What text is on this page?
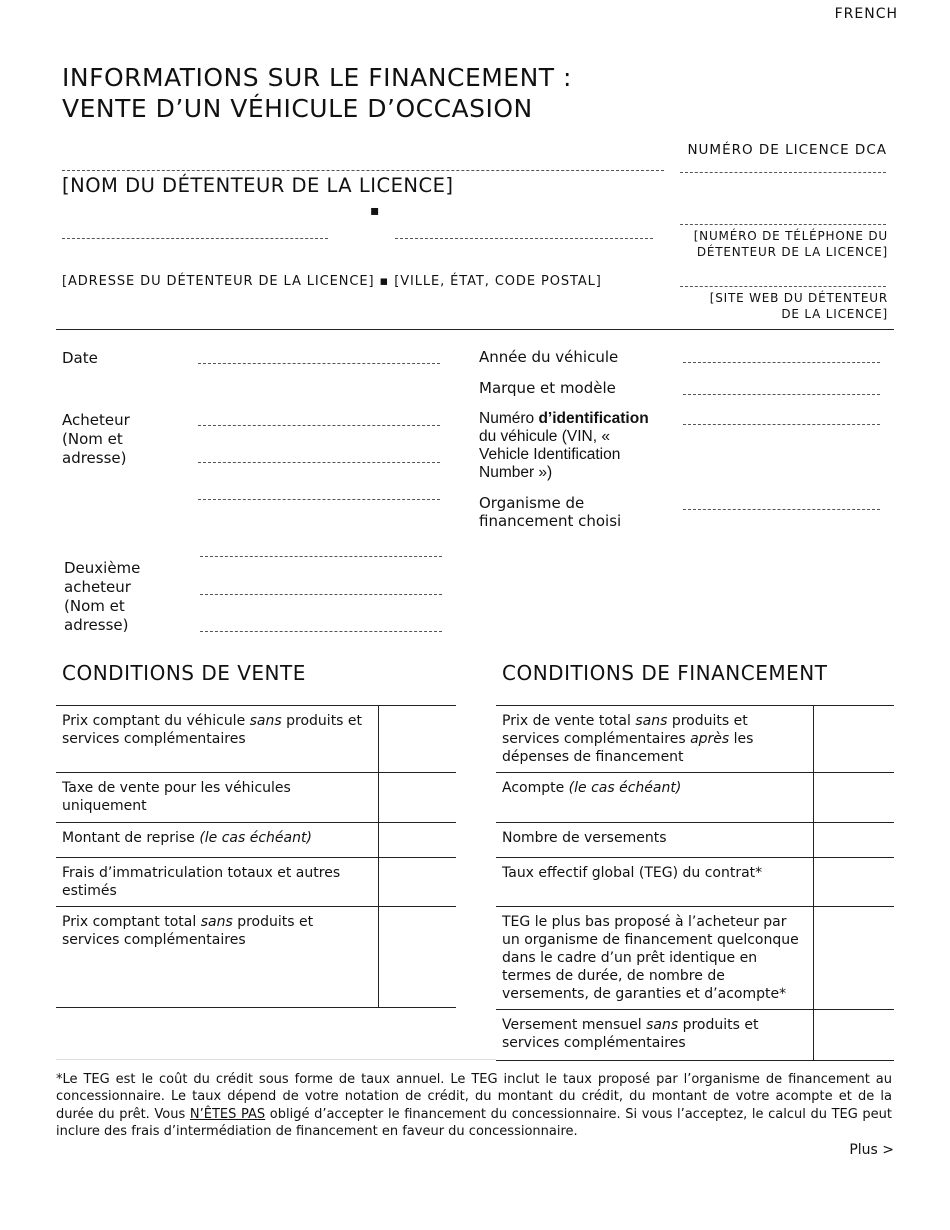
FRENCH
INFORMATIONS SUR LE FINANCEMENT :
VENTE D’UN VÉHICULE D’OCCASION
NUMÉRO DE LICENCE DCA
[NOM DU DÉTENTEUR DE LA LICENCE]
▪
[NUMÉRO DE TÉLÉPHONE DU DÉTENTEUR DE LA LICENCE]
[ADRESSE DU DÉTENTEUR DE LA LICENCE] ▪ [VILLE, ÉTAT, CODE POSTAL]
[SITE WEB DU DÉTENTEUR DE LA LICENCE]
Date
Acheteur (Nom et adresse)
Deuxième acheteur (Nom et adresse)
Année du véhicule
Marque et modèle
Numéro d’identification du véhicule (VIN, « Vehicle Identification Number »)
Organisme de financement choisi
CONDITIONS DE VENTE	CONDITIONS DE FINANCEMENT
Prix comptant du véhicule sans produits et services complémentaires	
Taxe de vente pour les véhicules uniquement	
Montant de reprise (le cas échéant)	
Frais d’immatriculation totaux et autres estimés	
Prix comptant total sans produits et services complémentaires	
Prix de vente total sans produits et services complémentaires après les dépenses de financement	
Acompte (le cas échéant)	
Nombre de versements	
Taux effectif global (TEG) du contrat*	
TEG le plus bas proposé à l’acheteur par un organisme de financement quelconque dans le cadre d’un prêt identique en termes de durée, de nombre de versements, de garanties et d’acompte*	
Versement mensuel sans produits et services complémentaires	
*Le TEG est le coût du crédit sous forme de taux annuel. Le TEG inclut le taux proposé par l’organisme de financement au concessionnaire. Le taux dépend de votre notation de crédit, du montant du crédit, du montant de votre acompte et de la durée du prêt. Vous N’ÊTES PAS obligé d’accepter le financement du concessionnaire. Si vous l’acceptez, le calcul du TEG peut inclure des frais d’intermédiation de financement en faveur du concessionnaire.
Plus >
